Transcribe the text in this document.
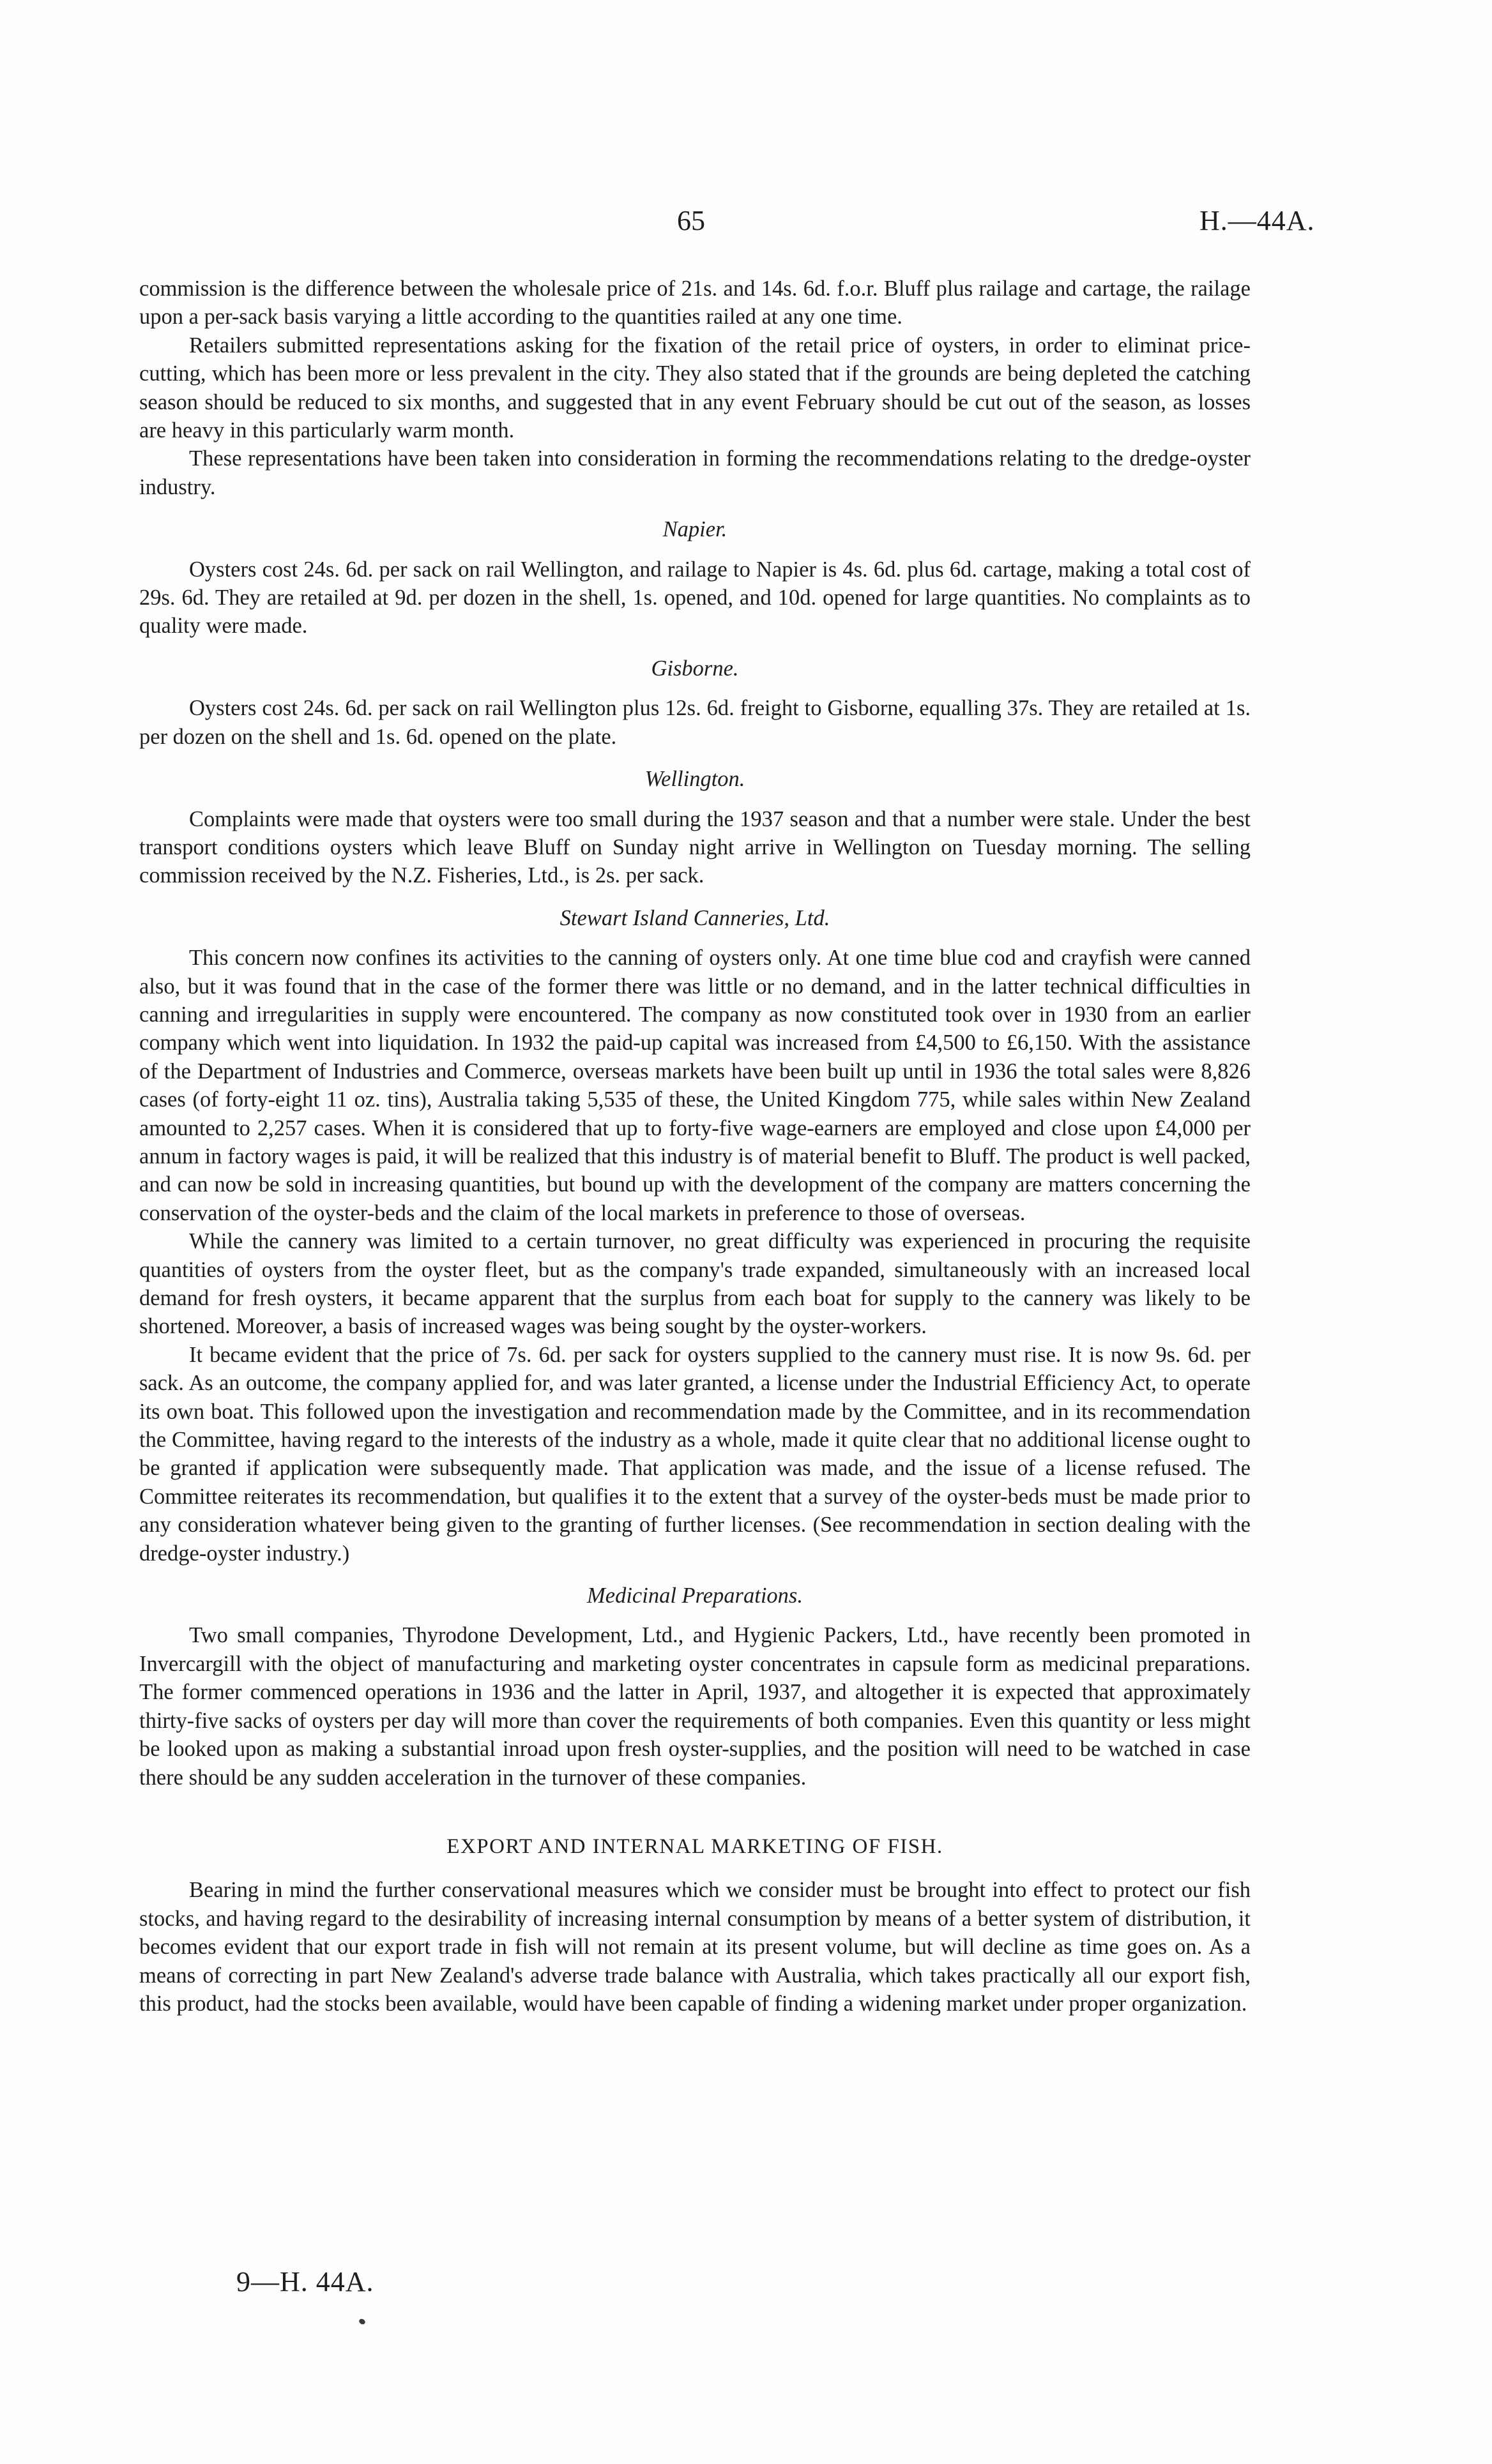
65	H.—44A.

commission is the difference between the wholesale price of 21s. and 14s. 6d. f.o.r. Bluff plus railage and cartage, the railage upon a per-sack basis varying a little according to the quantities railed at any one time.

Retailers submitted representations asking for the fixation of the retail price of oysters, in order to eliminat price-cutting, which has been more or less prevalent in the city. They also stated that if the grounds are being depleted the catching season should be reduced to six months, and suggested that in any event February should be cut out of the season, as losses are heavy in this particularly warm month.

These representations have been taken into consideration in forming the recommendations relating to the dredge-oyster industry.

Napier.

Oysters cost 24s. 6d. per sack on rail Wellington, and railage to Napier is 4s. 6d. plus 6d. cartage, making a total cost of 29s. 6d. They are retailed at 9d. per dozen in the shell, 1s. opened, and 10d. opened for large quantities. No complaints as to quality were made.

Gisborne.

Oysters cost 24s. 6d. per sack on rail Wellington plus 12s. 6d. freight to Gisborne, equalling 37s. They are retailed at 1s. per dozen on the shell and 1s. 6d. opened on the plate.

Wellington.

Complaints were made that oysters were too small during the 1937 season and that a number were stale. Under the best transport conditions oysters which leave Bluff on Sunday night arrive in Wellington on Tuesday morning. The selling commission received by the N.Z. Fisheries, Ltd., is 2s. per sack.

Stewart Island Canneries, Ltd.

This concern now confines its activities to the canning of oysters only. At one time blue cod and crayfish were canned also, but it was found that in the case of the former there was little or no demand, and in the latter technical difficulties in canning and irregularities in supply were encountered. The company as now constituted took over in 1930 from an earlier company which went into liquidation. In 1932 the paid-up capital was increased from £4,500 to £6,150. With the assistance of the Department of Industries and Commerce, overseas markets have been built up until in 1936 the total sales were 8,826 cases (of forty-eight 11 oz. tins), Australia taking 5,535 of these, the United Kingdom 775, while sales within New Zealand amounted to 2,257 cases. When it is considered that up to forty-five wage-earners are employed and close upon £4,000 per annum in factory wages is paid, it will be realized that this industry is of material benefit to Bluff. The product is well packed, and can now be sold in increasing quantities, but bound up with the development of the company are matters concerning the conservation of the oyster-beds and the claim of the local markets in preference to those of overseas.

While the cannery was limited to a certain turnover, no great difficulty was experienced in procuring the requisite quantities of oysters from the oyster fleet, but as the company's trade expanded, simultaneously with an increased local demand for fresh oysters, it became apparent that the surplus from each boat for supply to the cannery was likely to be shortened. Moreover, a basis of increased wages was being sought by the oyster-workers.

It became evident that the price of 7s. 6d. per sack for oysters supplied to the cannery must rise. It is now 9s. 6d. per sack. As an outcome, the company applied for, and was later granted, a license under the Industrial Efficiency Act, to operate its own boat. This followed upon the investigation and recommendation made by the Committee, and in its recommendation the Committee, having regard to the interests of the industry as a whole, made it quite clear that no additional license ought to be granted if application were subsequently made. That application was made, and the issue of a license refused. The Committee reiterates its recommendation, but qualifies it to the extent that a survey of the oyster-beds must be made prior to any consideration whatever being given to the granting of further licenses. (See recommendation in section dealing with the dredge-oyster industry.)

Medicinal Preparations.

Two small companies, Thyrodone Development, Ltd., and Hygienic Packers, Ltd., have recently been promoted in Invercargill with the object of manufacturing and marketing oyster concentrates in capsule form as medicinal preparations. The former commenced operations in 1936 and the latter in April, 1937, and altogether it is expected that approximately thirty-five sacks of oysters per day will more than cover the requirements of both companies. Even this quantity or less might be looked upon as making a substantial inroad upon fresh oyster-supplies, and the position will need to be watched in case there should be any sudden acceleration in the turnover of these companies.

EXPORT AND INTERNAL MARKETING OF FISH.

Bearing in mind the further conservational measures which we consider must be brought into effect to protect our fish stocks, and having regard to the desirability of increasing internal consumption by means of a better system of distribution, it becomes evident that our export trade in fish will not remain at its present volume, but will decline as time goes on. As a means of correcting in part New Zealand's adverse trade balance with Australia, which takes practically all our export fish, this product, had the stocks been available, would have been capable of finding a widening market under proper organization.

9—H. 44A.
